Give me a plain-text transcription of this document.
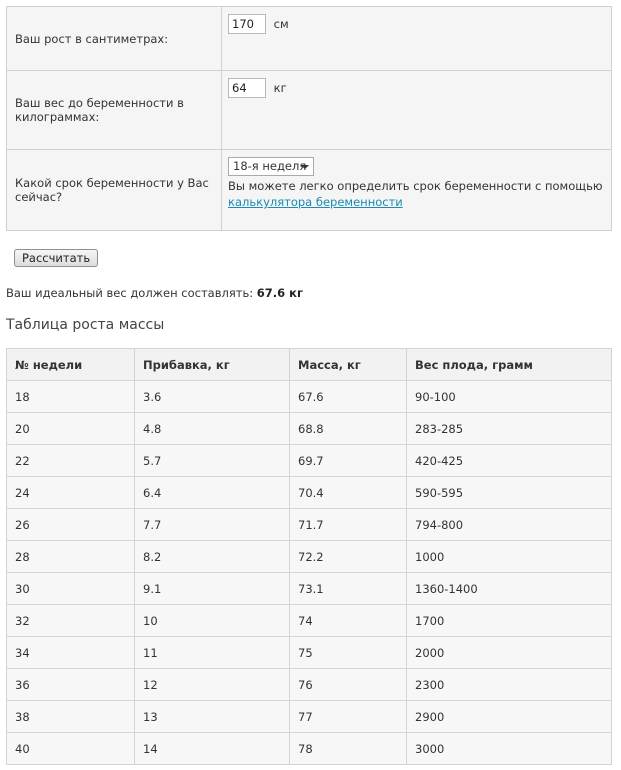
Ваш рост в сантиметрах:	170 см
Ваш вес до беременности в килограммах:	64 кг
Какой срок беременности у Вас сейчас?	18-я неделя
Вы можете легко определить срок беременности с помощью
калькулятора беременности
Рассчитать
Ваш идеальный вес должен составлять: 67.6 кг
Таблица роста массы
№ недели	Прибавка, кг	Масса, кг	Вес плода, грамм
18	3.6	67.6	90-100
20	4.8	68.8	283-285
22	5.7	69.7	420-425
24	6.4	70.4	590-595
26	7.7	71.7	794-800
28	8.2	72.2	1000
30	9.1	73.1	1360-1400
32	10	74	1700
34	11	75	2000
36	12	76	2300
38	13	77	2900
40	14	78	3000
